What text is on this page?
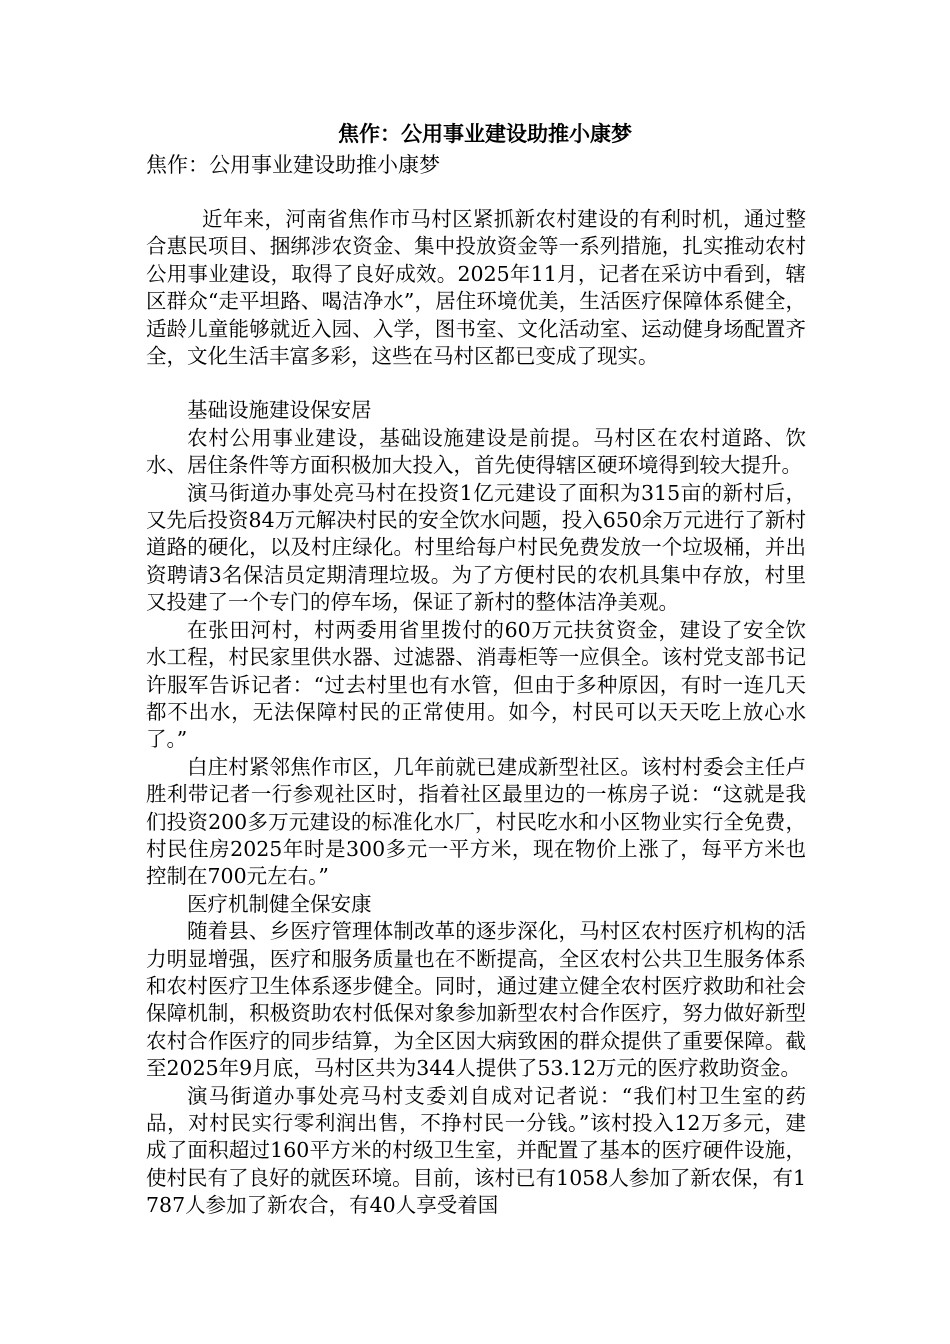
焦作：公用事业建设助推小康梦

焦作：公用事业建设助推小康梦

近年来，河南省焦作市马村区紧抓新农村建设的有利时机，通过整合惠民项目、捆绑涉农资金、集中投放资金等一系列措施，扎实推动农村公用事业建设，取得了良好成效。2025年11月，记者在采访中看到，辖区群众“走平坦路、喝洁净水”，居住环境优美，生活医疗保障体系健全，适龄儿童能够就近入园、入学，图书室、文化活动室、运动健身场配置齐全，文化生活丰富多彩，这些在马村区都已变成了现实。

基础设施建设保安居

农村公用事业建设，基础设施建设是前提。马村区在农村道路、饮水、居住条件等方面积极加大投入，首先使得辖区硬环境得到较大提升。

演马街道办事处亮马村在投资1亿元建设了面积为315亩的新村后，又先后投资84万元解决村民的安全饮水问题，投入650余万元进行了新村道路的硬化，以及村庄绿化。村里给每户村民免费发放一个垃圾桶，并出资聘请3名保洁员定期清理垃圾。为了方便村民的农机具集中存放，村里又投建了一个专门的停车场，保证了新村的整体洁净美观。

在张田河村，村两委用省里拨付的60万元扶贫资金，建设了安全饮水工程，村民家里供水器、过滤器、消毒柜等一应俱全。该村党支部书记许服军告诉记者：“过去村里也有水管，但由于多种原因，有时一连几天都不出水，无法保障村民的正常使用。如今，村民可以天天吃上放心水了。”

白庄村紧邻焦作市区，几年前就已建成新型社区。该村村委会主任卢胜利带记者一行参观社区时，指着社区最里边的一栋房子说：“这就是我们投资200多万元建设的标准化水厂，村民吃水和小区物业实行全免费，村民住房2025年时是300多元一平方米，现在物价上涨了，每平方米也控制在700元左右。”

医疗机制健全保安康

随着县、乡医疗管理体制改革的逐步深化，马村区农村医疗机构的活力明显增强，医疗和服务质量也在不断提高，全区农村公共卫生服务体系和农村医疗卫生体系逐步健全。同时，通过建立健全农村医疗救助和社会保障机制，积极资助农村低保对象参加新型农村合作医疗，努力做好新型农村合作医疗的同步结算，为全区因大病致困的群众提供了重要保障。截至2025年9月底，马村区共为344人提供了53.12万元的医疗救助资金。

演马街道办事处亮马村支委刘自成对记者说：“我们村卫生室的药品，对村民实行零利润出售，不挣村民一分钱。”该村投入12万多元，建成了面积超过160平方米的村级卫生室，并配置了基本的医疗硬件设施，使村民有了良好的就医环境。目前，该村已有1058人参加了新农保，有1787人参加了新农合，有40人享受着国
